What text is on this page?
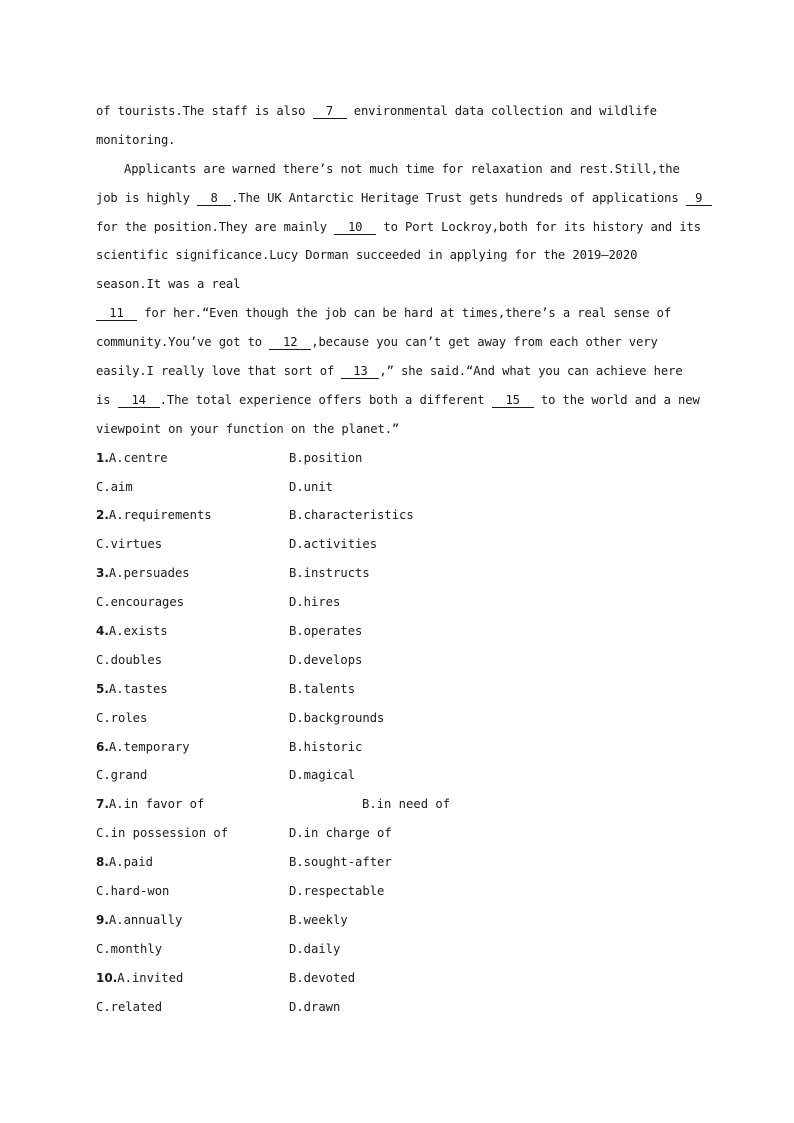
of tourists.The staff is also 7 environmental data collection and wildlife
monitoring.
Applicants are warned there’s not much time for relaxation and rest.Still,the
job is highly 8 .The UK Antarctic Heritage Trust gets hundreds of applications 9
for the position.They are mainly 10 to Port Lockroy,both for its history and its
scientific significance.Lucy Dorman succeeded in applying for the 2019—2020
season.It was a real
11 for her.“Even though the job can be hard at times,there’s a real sense of
community.You’ve got to 12 ,because you can’t get away from each other very
easily.I really love that sort of 13 ,” she said.“And what you can achieve here
is 14 .The total experience offers both a different 15 to the world and a new
viewpoint on your function on the planet.”
1.A.centre	B.position
C.aim	D.unit
2.A.requirements	B.characteristics
C.virtues	D.activities
3.A.persuades	B.instructs
C.encourages	D.hires
4.A.exists	B.operates
C.doubles	D.develops
5.A.tastes	B.talents
C.roles	D.backgrounds
6.A.temporary	B.historic
C.grand	D.magical
7.A.in favor of	B.in need of
C.in possession of	D.in charge of
8.A.paid	B.sought-after
C.hard-won	D.respectable
9.A.annually	B.weekly
C.monthly	D.daily
10.A.invited	B.devoted
C.related	D.drawn
